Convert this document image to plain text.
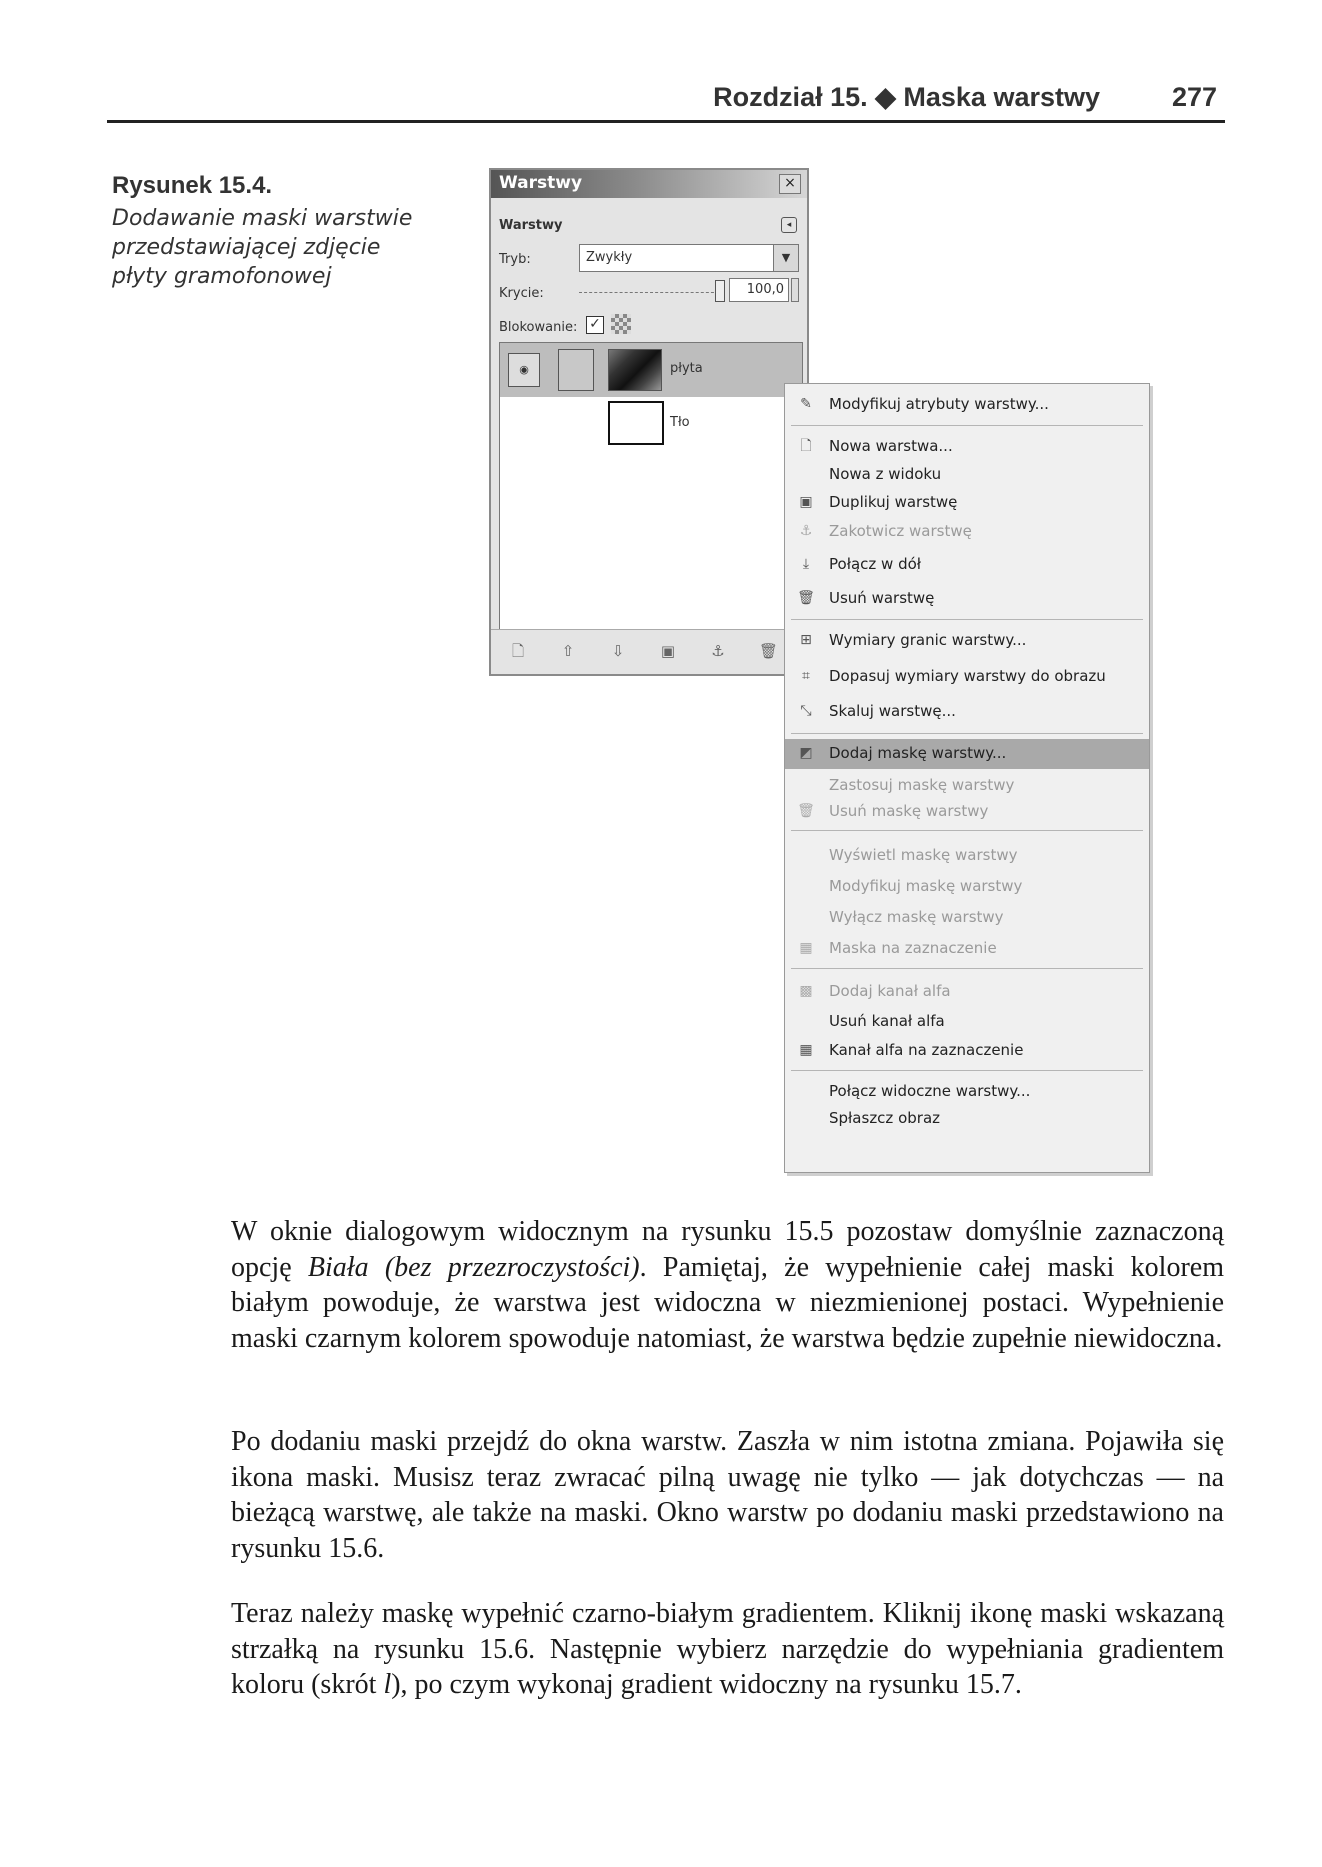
Rozdział 15. ◆ Maska warstwy	277
Rysunek 15.4.
Dodawanie maski warstwie przedstawiającej zdjęcie płyty gramofonowej
Warstwy	×
Warstwy	◂
Tryb:	Zwykły	▼
Krycie:	100,0
Blokowanie: ✓
◉	płyta
Tło
🗋	⇧ ⇩ ▣ ⚓ 🗑
✎ Modyfikuj atrybuty warstwy...
🗋 Nowa warstwa...
Nowa z widoku
▣ Duplikuj warstwę
⚓ Zakotwicz warstwę
⤓	Połącz w dół
🗑 Usuń warstwę
⊞ Wymiary granic warstwy...
⌗	Dopasuj wymiary warstwy do obrazu
⤡ Skaluj warstwę...
◩ Dodaj maskę warstwy...
Zastosuj maskę warstwy
🗑 Usuń maskę warstwy
Wyświetl maskę warstwy
Modyfikuj maskę warstwy
Wyłącz maskę warstwy
▦ Maska na zaznaczenie
▩ Dodaj kanał alfa
Usuń kanał alfa
▦ Kanał alfa na zaznaczenie
Połącz widoczne warstwy...
Spłaszcz obraz

W oknie dialogowym widocznym na rysunku 15.5 pozostaw domyślnie zaznaczoną opcję Biała (bez przezroczystości). Pamiętaj, że wypełnienie całej maski kolorem białym powoduje, że warstwa jest widoczna w niezmienionej postaci. Wypełnienie maski czarnym kolorem spowoduje natomiast, że warstwa będzie zupełnie niewidoczna.

Po dodaniu maski przejdź do okna warstw. Zaszła w nim istotna zmiana. Pojawiła się ikona maski. Musisz teraz zwracać pilną uwagę nie tylko — jak dotychczas — na bieżącą warstwę, ale także na maski. Okno warstw po dodaniu maski przedstawiono na rysunku 15.6.

Teraz należy maskę wypełnić czarno-białym gradientem. Kliknij ikonę maski wskazaną strzałką na rysunku 15.6. Następnie wybierz narzędzie do wypełniania gradientem koloru (skrót l), po czym wykonaj gradient widoczny na rysunku 15.7.
